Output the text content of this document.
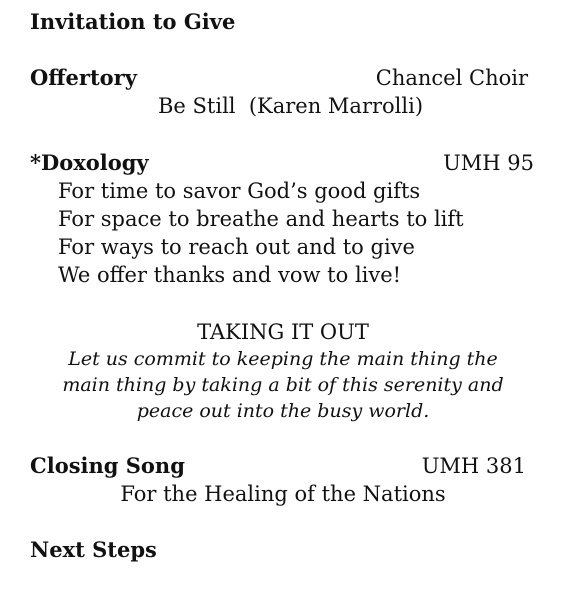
Invitation to Give
Offertory	Chancel Choir
Be Still  (Karen Marrolli)
*Doxology	UMH 95
For time to savor God’s good gifts
For space to breathe and hearts to lift
For ways to reach out and to give
We offer thanks and vow to live!
TAKING IT OUT
Let us commit to keeping the main thing the
main thing by taking a bit of this serenity and
peace out into the busy world.
Closing Song	UMH 381
For the Healing of the Nations
Next Steps
